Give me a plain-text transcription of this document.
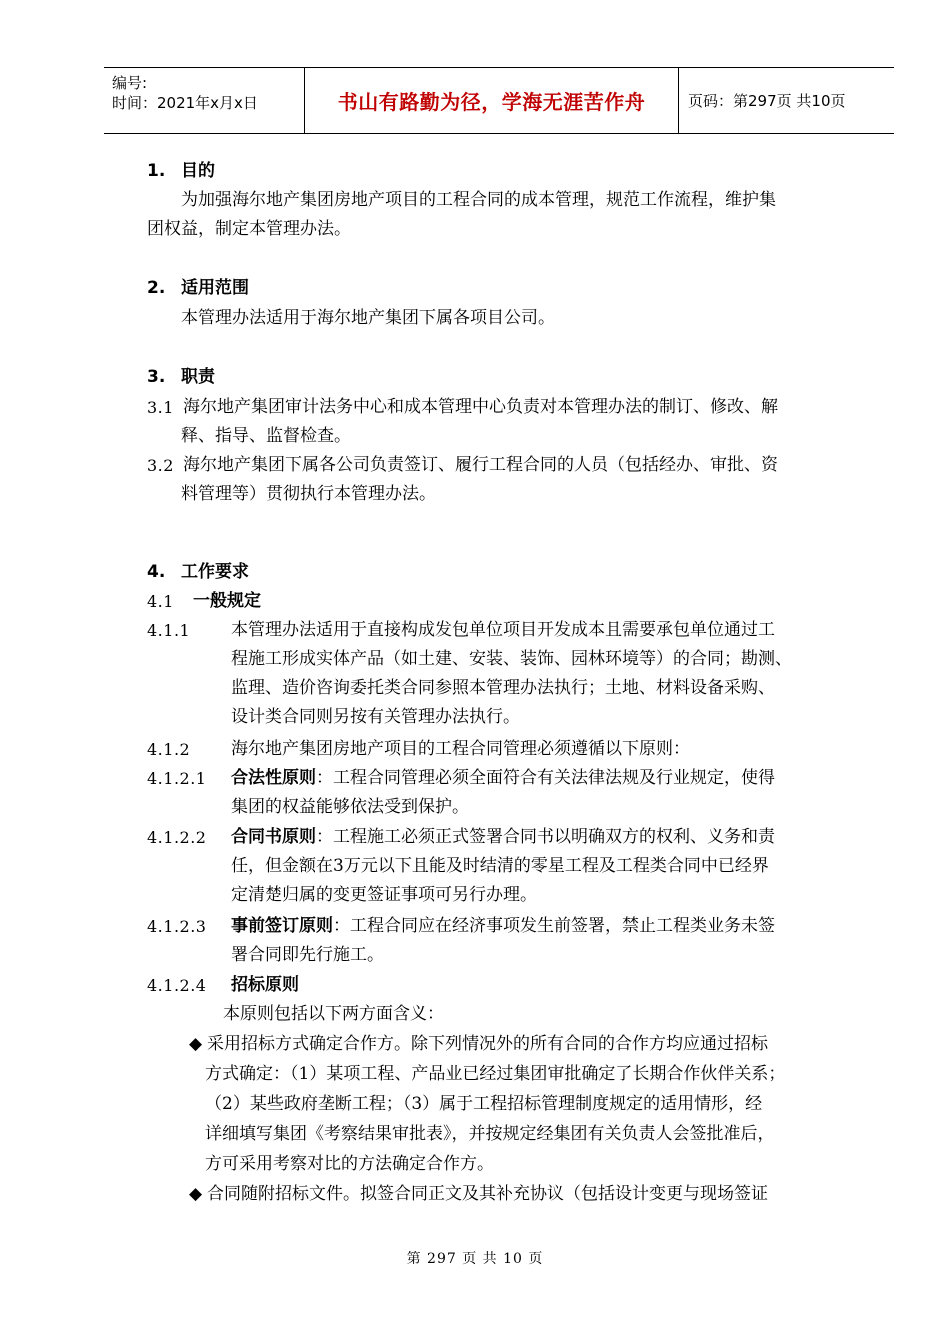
编号:
时间：2021年x月x日	书山有路勤为径，学海无涯苦作舟	页码：第297页 共10页
1. 目的
为加强海尔地产集团房地产项目的工程合同的成本管理，规范工作流程，维护集
团权益，制定本管理办法。
2. 适用范围
本管理办法适用于海尔地产集团下属各项目公司。
3. 职责
3.1 海尔地产集团审计法务中心和成本管理中心负责对本管理办法的制订、修改、解
释、指导、监督检查。
3.2 海尔地产集团下属各公司负责签订、履行工程合同的人员（包括经办、审批、资
料管理等）贯彻执行本管理办法。
4. 工作要求
4.1 一般规定
4.1.1 本管理办法适用于直接构成发包单位项目开发成本且需要承包单位通过工
程施工形成实体产品（如土建、安装、装饰、园林环境等）的合同；勘测、
监理、造价咨询委托类合同参照本管理办法执行；土地、材料设备采购、
设计类合同则另按有关管理办法执行。
4.1.2 海尔地产集团房地产项目的工程合同管理必须遵循以下原则：
4.1.2.1 合法性原则：工程合同管理必须全面符合有关法律法规及行业规定，使得
集团的权益能够依法受到保护。
4.1.2.2 合同书原则：工程施工必须正式签署合同书以明确双方的权利、义务和责
任，但金额在3万元以下且能及时结清的零星工程及工程类合同中已经界
定清楚归属的变更签证事项可另行办理。
4.1.2.3 事前签订原则：工程合同应在经济事项发生前签署，禁止工程类业务未签
署合同即先行施工。
4.1.2.4 招标原则
本原则包括以下两方面含义：
◆ 采用招标方式确定合作方。除下列情况外的所有合同的合作方均应通过招标
方式确定：（1）某项工程、产品业已经过集团审批确定了长期合作伙伴关系；
（2）某些政府垄断工程；（3）属于工程招标管理制度规定的适用情形，经
详细填写集团《考察结果审批表》，并按规定经集团有关负责人会签批准后，
方可采用考察对比的方法确定合作方。
◆ 合同随附招标文件。拟签合同正文及其补充协议（包括设计变更与现场签证
第 297 页 共 10 页
